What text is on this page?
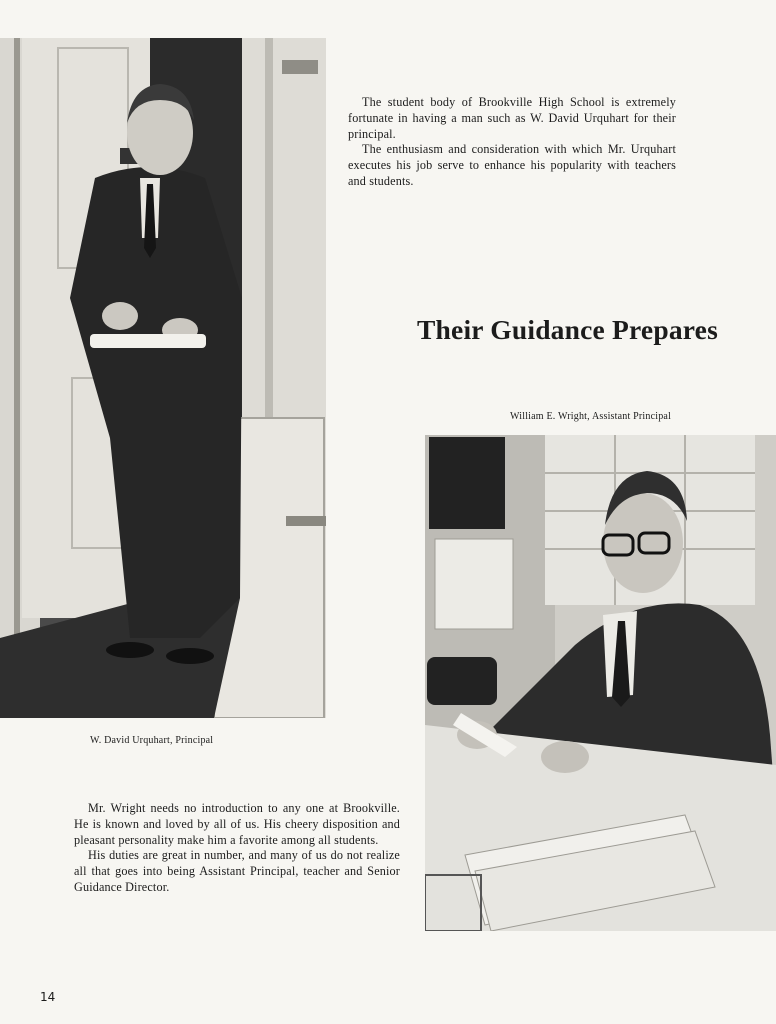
W. David Urquhart, Principal

The student body of Brookville High School is extremely fortunate in having a man such as W. David Urquhart for their principal.

The enthusiasm and consideration with which Mr. Urquhart executes his job serve to enhance his popularity with teachers and students.

Their Guidance Prepares
William E. Wright, Assistant Principal

Mr. Wright needs no introduction to any one at Brookville. He is known and loved by all of us. His cheery disposition and pleasant personality make him a favorite among all students.

His duties are great in number, and many of us do not realize all that goes into being Assistant Principal, teacher and Senior Guidance Director.

14
